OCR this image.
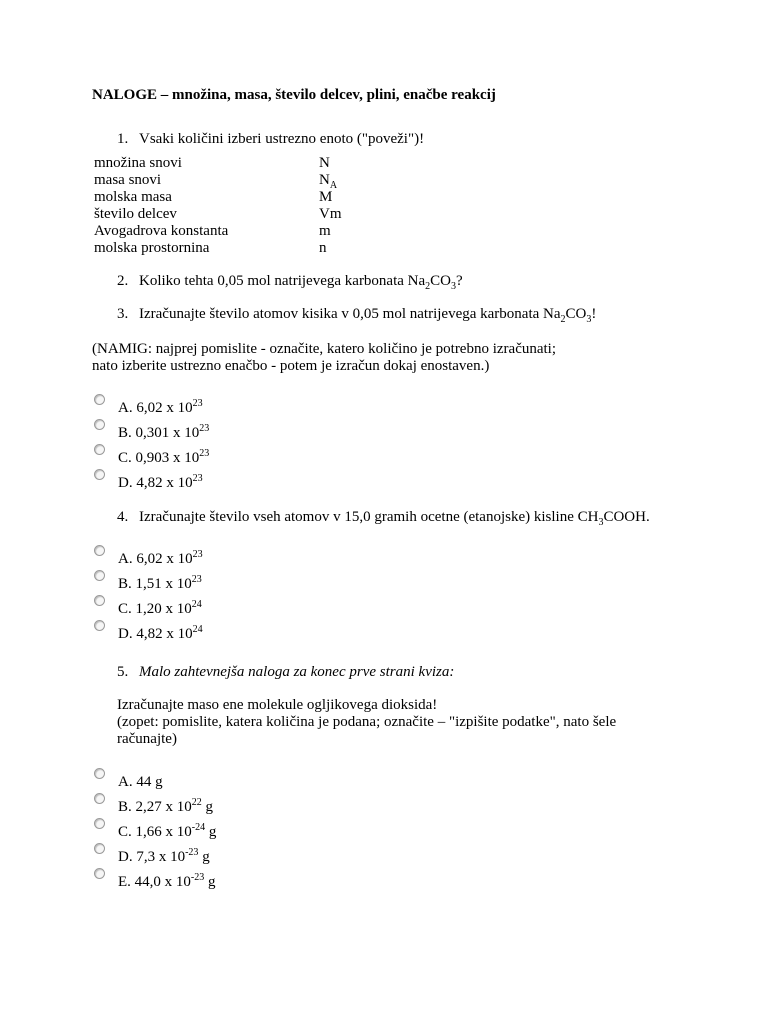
NALOGE – množina, masa, število delcev, plini, enačbe reakcij
1. Vsaki količini izberi ustrezno enoto ("poveži")!
množina snovi
masa snovi
molska masa
število delcev
Avogadrova konstanta
molska prostornina
N
$N_A$
M
Vm
m
n
2. Koliko tehta 0,05 mol natrijevega karbonata $Na_2CO_3$?
3. Izračunajte število atomov kisika v 0,05 mol natrijevega karbonata $Na_2CO_3$!
(NAMIG: najprej pomislite - označite, katero količino je potrebno izračunati;
nato izberite ustrezno enačbo - potem je izračun dokaj enostaven.)
A. 6,02 x $10^{23}$
B. 0,301 x $10^{23}$
C. 0,903 x $10^{23}$
D. 4,82 x $10^{23}$
4. Izračunajte število vseh atomov v 15,0 gramih ocetne (etanojske) kisline $CH_3COOH$.
A. 6,02 x $10^{23}$
B. 1,51 x $10^{23}$
C. 1,20 x $10^{24}$
D. 4,82 x $10^{24}$
5. Malo zahtevnejša naloga za konec prve strani kviza:
Izračunajte maso ene molekule ogljikovega dioksida!
(zopet: pomislite, katera količina je podana; označite – "izpišite podatke", nato šele
računajte)
A. 44 g
B. 2,27 x $10^{22}$ g
C. 1,66 x $10^{-24}$ g
D. 7,3 x $10^{-23}$ g
E. 44,0 x $10^{-23}$ g
